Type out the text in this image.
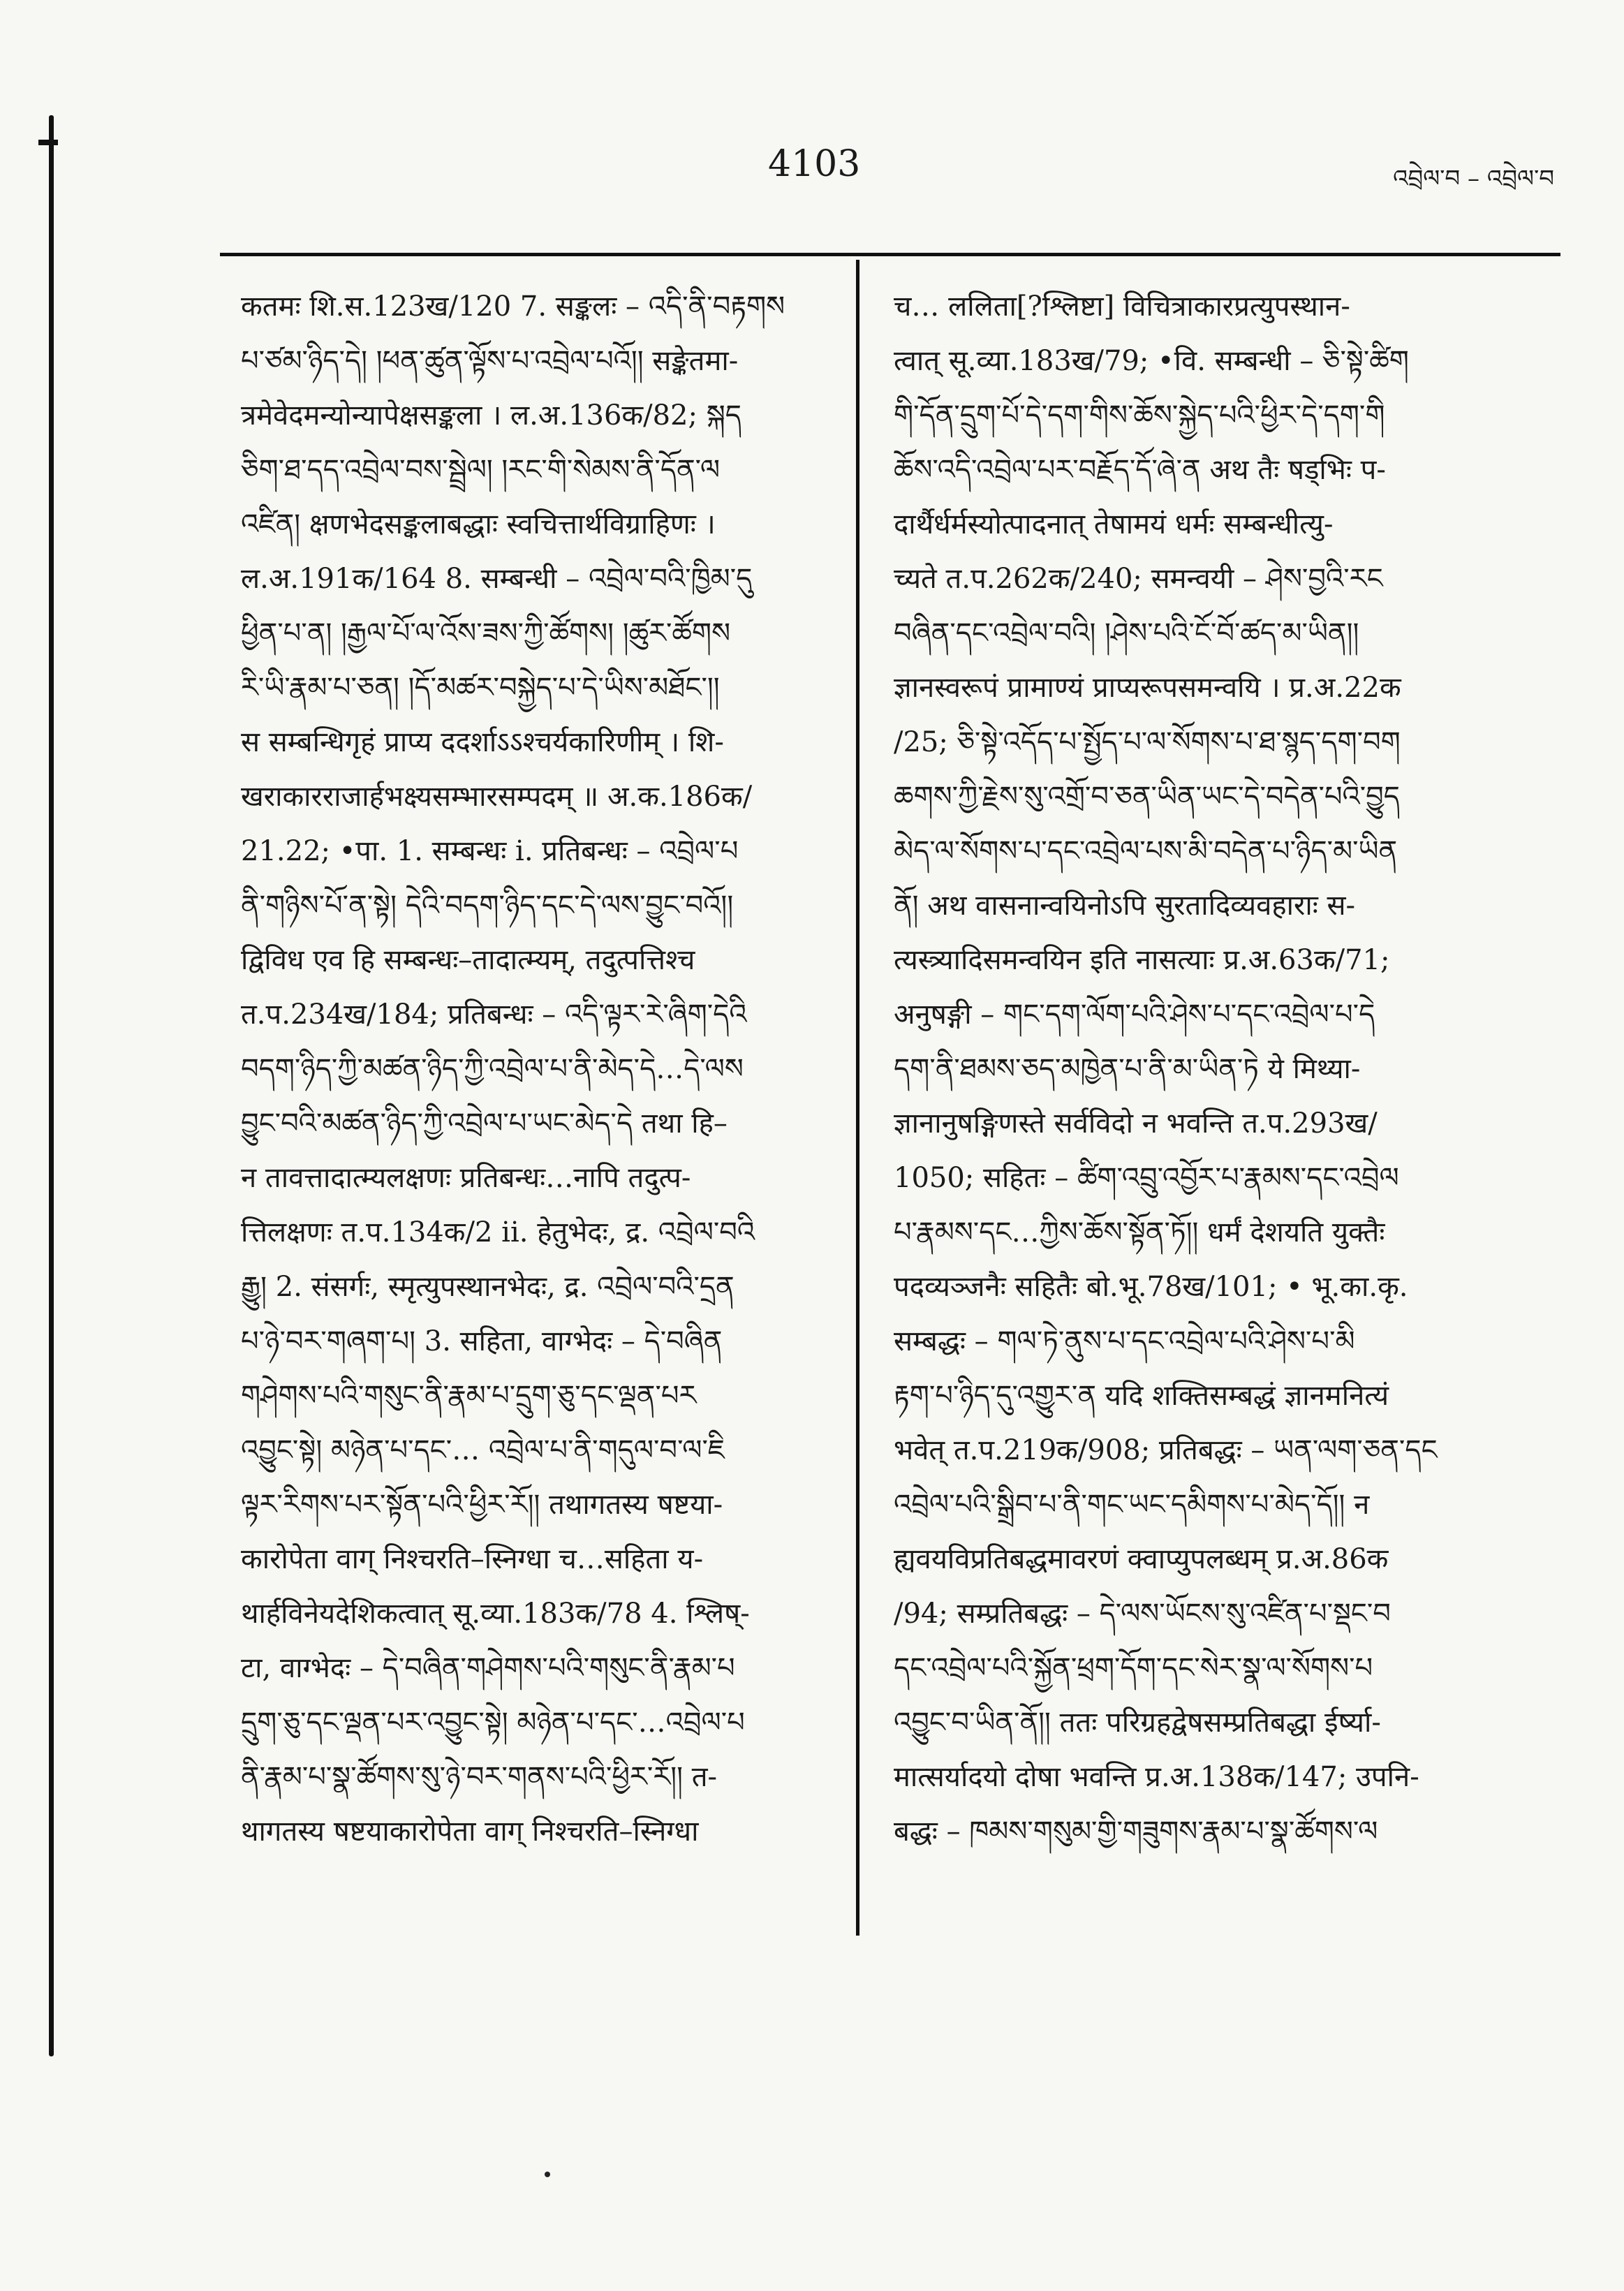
4103	འབྲེལ་བ – འབྲེལ་བ
कतमः शि.स.123ख/120 7. सङ्कलः – འདི་ནི་བརྟགས
པ་ཙམ་ཉིད་དེ། །ཕན་ཚུན་ལྟོས་པ་འབྲེལ་པའོ།། सङ्केतमा-
त्रमेवेदमन्योन्यापेक्षसङ्कला । ल.अ.136क/82; སྐད
ཅིག་ཐ་དད་འབྲེལ་བས་སྦྲེལ། །རང་གི་སེམས་ནི་དོན་ལ
འཛིན། क्षणभेदसङ्कलाबद्धाः स्वचित्तार्थविग्राहिणः ।
ल.अ.191क/164 8. सम्बन्धी – འབྲེལ་བའི་ཁྱིམ་དུ
ཕྱིན་པ་ན། །རྒྱལ་པོ་ལ་འོས་ཟས་ཀྱི་ཚོགས། །ཚུར་ཚོགས
རི་ཡི་རྣམ་པ་ཅན། །དོ་མཚར་བསྐྱེད་པ་དེ་ཡིས་མཐོང་།།
स सम्बन्धिगृहं प्राप्य ददर्शाऽऽश्चर्यकारिणीम् । शि-
खराकारराजार्हभक्ष्यसम्भारसम्पदम् ॥ अ.क.186क/
21.22; •पा. 1. सम्बन्धः i. प्रतिबन्धः – འབྲེལ་པ
ནི་གཉིས་པོ་ན་སྟེ། དེའི་བདག་ཉིད་དང་དེ་ལས་བྱུང་བའོ།།
द्विविध एव हि सम्बन्धः–तादात्म्यम्, तदुत्पत्तिश्च
त.प.234ख/184; प्रतिबन्धः – འདི་ལྟར་རེ་ཞིག་དེའི
བདག་ཉིད་ཀྱི་མཚན་ཉིད་ཀྱི་འབྲེལ་པ་ནི་མེད་དེ…དེ་ལས
བྱུང་བའི་མཚན་ཉིད་ཀྱི་འབྲེལ་པ་ཡང་མེད་དེ तथा हि–
न तावत्तादात्म्यलक्षणः प्रतिबन्धः…नापि तदुत्प-
त्तिलक्षणः त.प.134क/2 ii. हेतुभेदः, द्र. འབྲེལ་བའི
རྒྱུ། 2. संसर्गः, स्मृत्युपस्थानभेदः, द्र. འབྲེལ་བའི་དྲན
པ་ཉེ་བར་གཞག་པ། 3. सहिता, वाग्भेदः – དེ་བཞིན
གཤེགས་པའི་གསུང་ནི་རྣམ་པ་དྲུག་ཅུ་དང་ལྡན་པར
འབྱུང་སྟེ། མཉེན་པ་དང་… འབྲེལ་པ་ནི་གདུལ་བ་ལ་ཇི
ལྟར་རིགས་པར་སྟོན་པའི་ཕྱིར་རོ།། तथागतस्य षष्टया-
कारोपेता वाग् निश्चरति–स्निग्धा च…सहिता य-
थार्हविनेयदेशिकत्वात् सू.व्या.183क/78 4. श्लिष्-
टा, वाग्भेदः – དེ་བཞིན་གཤེགས་པའི་གསུང་ནི་རྣམ་པ
དྲུག་ཅུ་དང་ལྡན་པར་འབྱུང་སྟེ། མཉེན་པ་དང་…འབྲེལ་པ
ནི་རྣམ་པ་སྣ་ཚོགས་སུ་ཉེ་བར་གནས་པའི་ཕྱིར་རོ།། त-
थागतस्य षष्टयाकारोपेता वाग् निश्चरति–स्निग्धा
च… ललिता[?श्लिष्टा] विचित्राकारप्रत्युपस्थान-
त्वात् सू.व्या.183ख/79; •वि. सम्बन्धी – ཅི་སྟེ་ཚིག
གི་དོན་དྲུག་པོ་དེ་དག་གིས་ཆོས་སྐྱེད་པའི་ཕྱིར་དེ་དག་གི
ཆོས་འདི་འབྲེལ་པར་བརྗོད་དོ་ཞེ་ན अथ तैः षड्भिः प-
दार्थैर्धर्मस्योत्पादनात् तेषामयं धर्मः सम्बन्धीत्यु-
च्यते त.प.262क/240; समन्वयी – ཤེས་བྱའི་རང
བཞིན་དང་འབྲེལ་བའི། །ཤེས་པའི་ངོ་བོ་ཚད་མ་ཡིན།།
ज्ञानस्वरूपं प्रामाण्यं प्राप्यरूपसमन्वयि । प्र.अ.22क
/25; ཅི་སྟེ་འདོད་པ་སྤྱོད་པ་ལ་སོགས་པ་ཐ་སྙད་དག་བག
ཆགས་ཀྱི་རྗེས་སུ་འགྲོ་བ་ཅན་ཡིན་ཡང་དེ་བདེན་པའི་བྱུད
མེད་ལ་སོགས་པ་དང་འབྲེལ་པས་མི་བདེན་པ་ཉིད་མ་ཡིན
ནོ། अथ वासनान्वयिनोऽपि सुरतादिव्यवहाराः स-
त्यस्त्र्यादिसमन्वयिन इति नासत्याः प्र.अ.63क/71;
अनुषङ्गी – གང་དག་ལོག་པའི་ཤེས་པ་དང་འབྲེལ་པ་དེ
དག་ནི་ཐམས་ཅད་མཁྱེན་པ་ནི་མ་ཡིན་ཏེ ये मिथ्या-
ज्ञानानुषङ्गिणस्ते सर्वविदो न भवन्ति त.प.293ख/
1050; सहितः – ཚིག་འབྲུ་འབྱོར་པ་རྣམས་དང་འབྲེལ
པ་རྣམས་དང…ཀྱིས་ཆོས་སྟོན་ཏོ།། धर्मं देशयति युक्तैः
पदव्यञ्जनैः सहितैः बो.भू.78ख/101; • भू.का.कृ.
सम्बद्धः – གལ་ཏེ་ནུས་པ་དང་འབྲེལ་པའི་ཤེས་པ་མི
རྟག་པ་ཉིད་དུ་འགྱུར་ན यदि शक्तिसम्बद्धं ज्ञानमनित्यं
भवेत् त.प.219क/908; प्रतिबद्धः – ཡན་ལག་ཅན་དང
འབྲེལ་པའི་སྒྲིབ་པ་ནི་གང་ཡང་དམིགས་པ་མེད་དོ།། न
ह्यवयविप्रतिबद्धमावरणं क्वाप्युपलब्धम् प्र.अ.86क
/94; सम्प्रतिबद्धः – དེ་ལས་ཡོངས་སུ་འཛིན་པ་སྡང་བ
དང་འབྲེལ་པའི་སྐྱོན་ཕྲག་དོག་དང་སེར་སྣ་ལ་སོགས་པ
འབྱུང་བ་ཡིན་ནོ།། ततः परिग्रहद्वेषसम्प्रतिबद्धा ईर्ष्या-
मात्सर्यादयो दोषा भवन्ति प्र.अ.138क/147; उपनि-
बद्धः – ཁམས་གསུམ་གྱི་གཟུགས་རྣམ་པ་སྣ་ཚོགས་ལ
